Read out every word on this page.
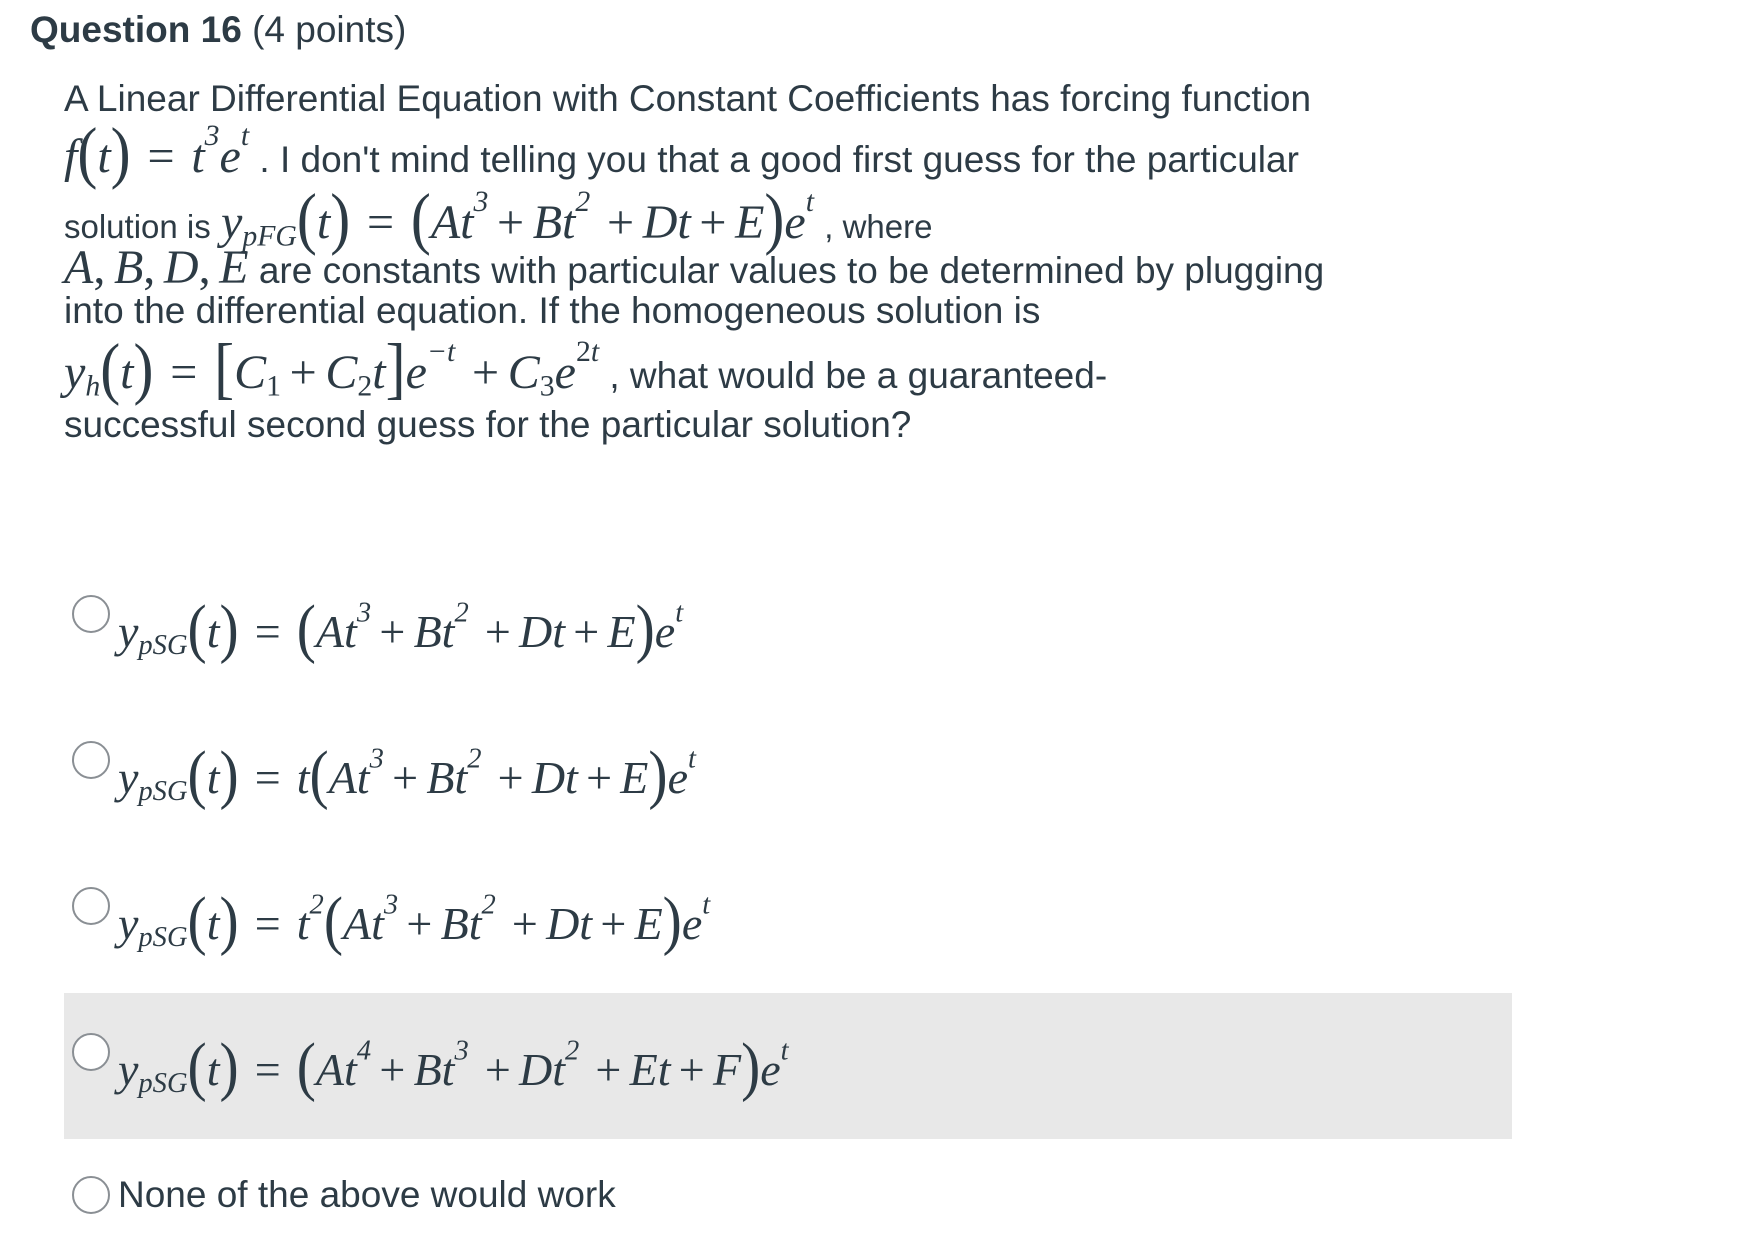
Question 16 (4 points)
A Linear Differential Equation with Constant Coefficients has forcing function
$f(t) = t^3e^t$ . I don't mind telling you that a good first guess for the particular
solution is $y_{pFG}(t) = (At^3 + Bt^2 + Dt + E)e^t$ , where
A, B, D, E are constants with particular values to be determined by plugging
into the differential equation. If the homogeneous solution is
$y_h(t) = [C_1 + C_2t]e^{-t} + C_3e^{2t}$ , what would be a guaranteed-
successful second guess for the particular solution?
$y_{pSG}(t) = (At^3 + Bt^2 + Dt + E)e^t$
$y_{pSG}(t) = t(At^3 + Bt^2 + Dt + E)e^t$
$y_{pSG}(t) = t^2(At^3 + Bt^2 + Dt + E)e^t$
$y_{pSG}(t) = (At^4 + Bt^3 + Dt^2 + Et + F)e^t$
None of the above would work
